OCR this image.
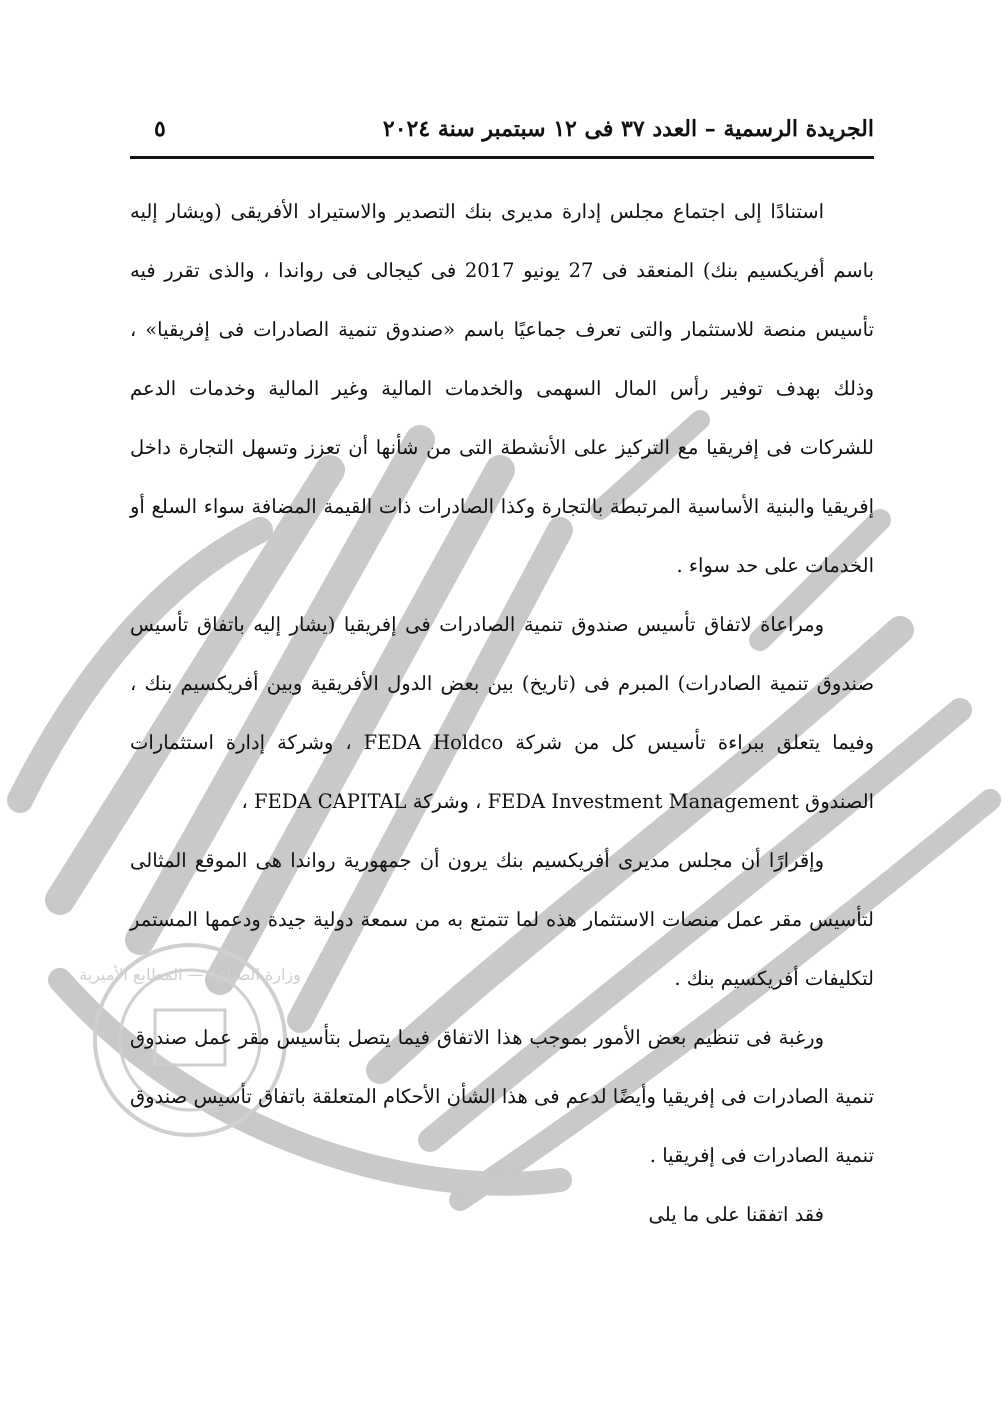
وزارة الصناعة — المطابع الأميرية
الجريدة الرسمية – العدد ٣٧ فى ١٢ سبتمبر سنة ٢٠٢٤
٥

استنادًا إلى اجتماع مجلس إدارة مديرى بنك التصدير والاستيراد الأفريقى (ويشار إليه باسم أفريكسيم بنك) المنعقد فى 27 يونيو 2017 فى كيجالى فى رواندا ، والذى تقرر فيه تأسيس منصة للاستثمار والتى تعرف جماعيًا باسم «صندوق تنمية الصادرات فى إفريقيا» ، وذلك بهدف توفير رأس المال السهمى والخدمات المالية وغير المالية وخدمات الدعم للشركات فى إفريقيا مع التركيز على الأنشطة التى من شأنها أن تعزز وتسهل التجارة داخل إفريقيا والبنية الأساسية المرتبطة بالتجارة وكذا الصادرات ذات القيمة المضافة سواء السلع أو الخدمات على حد سواء .

ومراعاة لاتفاق تأسيس صندوق تنمية الصادرات فى إفريقيا (يشار إليه باتفاق تأسيس صندوق تنمية الصادرات) المبرم فى (تاريخ) بين بعض الدول الأفريقية وبين أفريكسيم بنك ، وفيما يتعلق ببراءة تأسيس كل من شركة FEDA Holdco ، وشركة إدارة استثمارات الصندوق FEDA Investment Management ، وشركة FEDA CAPITAL ،

وإقرارًا أن مجلس مديرى أفريكسيم بنك يرون أن جمهورية رواندا هى الموقع المثالى لتأسيس مقر عمل منصات الاستثمار هذه لما تتمتع به من سمعة دولية جيدة ودعمها المستمر لتكليفات أفريكسيم بنك .

ورغبة فى تنظيم بعض الأمور بموجب هذا الاتفاق فيما يتصل بتأسيس مقر عمل صندوق تنمية الصادرات فى إفريقيا وأيضًا لدعم فى هذا الشأن الأحكام المتعلقة باتفاق تأسيس صندوق تنمية الصادرات فى إفريقيا .

فقد اتفقنا على ما يلى
